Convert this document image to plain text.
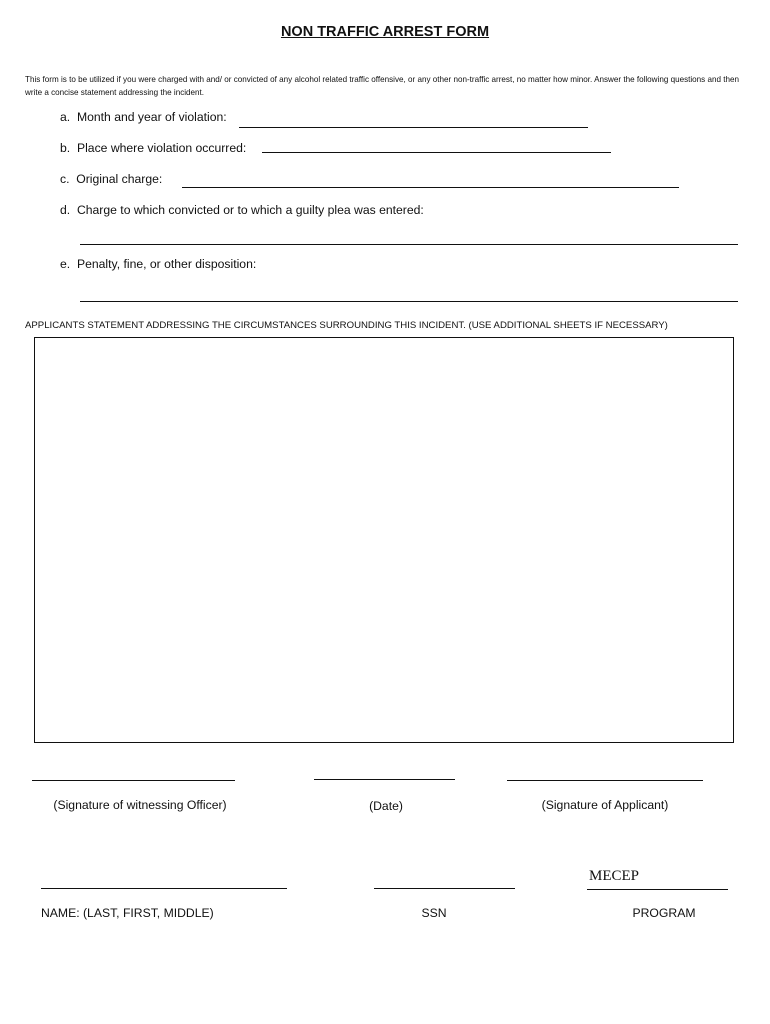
NON TRAFFIC ARREST FORM
This form is to be utilized if you were charged with and/ or convicted of any alcohol related traffic offensive, or any other non-traffic arrest, no matter how minor. Answer the following questions and then write a concise statement addressing the incident.
a. Month and year of violation:
b. Place where violation occurred:
c. Original charge:
d. Charge to which convicted or to which a guilty plea was entered:
e. Penalty, fine, or other disposition:
APPLICANTS STATEMENT ADDRESSING THE CIRCUMSTANCES SURROUNDING THIS INCIDENT. (USE ADDITIONAL SHEETS IF NECESSARY)
(Signature of witnessing Officer)	(Date)	(Signature of Applicant)
MECEP
NAME: (LAST, FIRST, MIDDLE)	SSN	PROGRAM
